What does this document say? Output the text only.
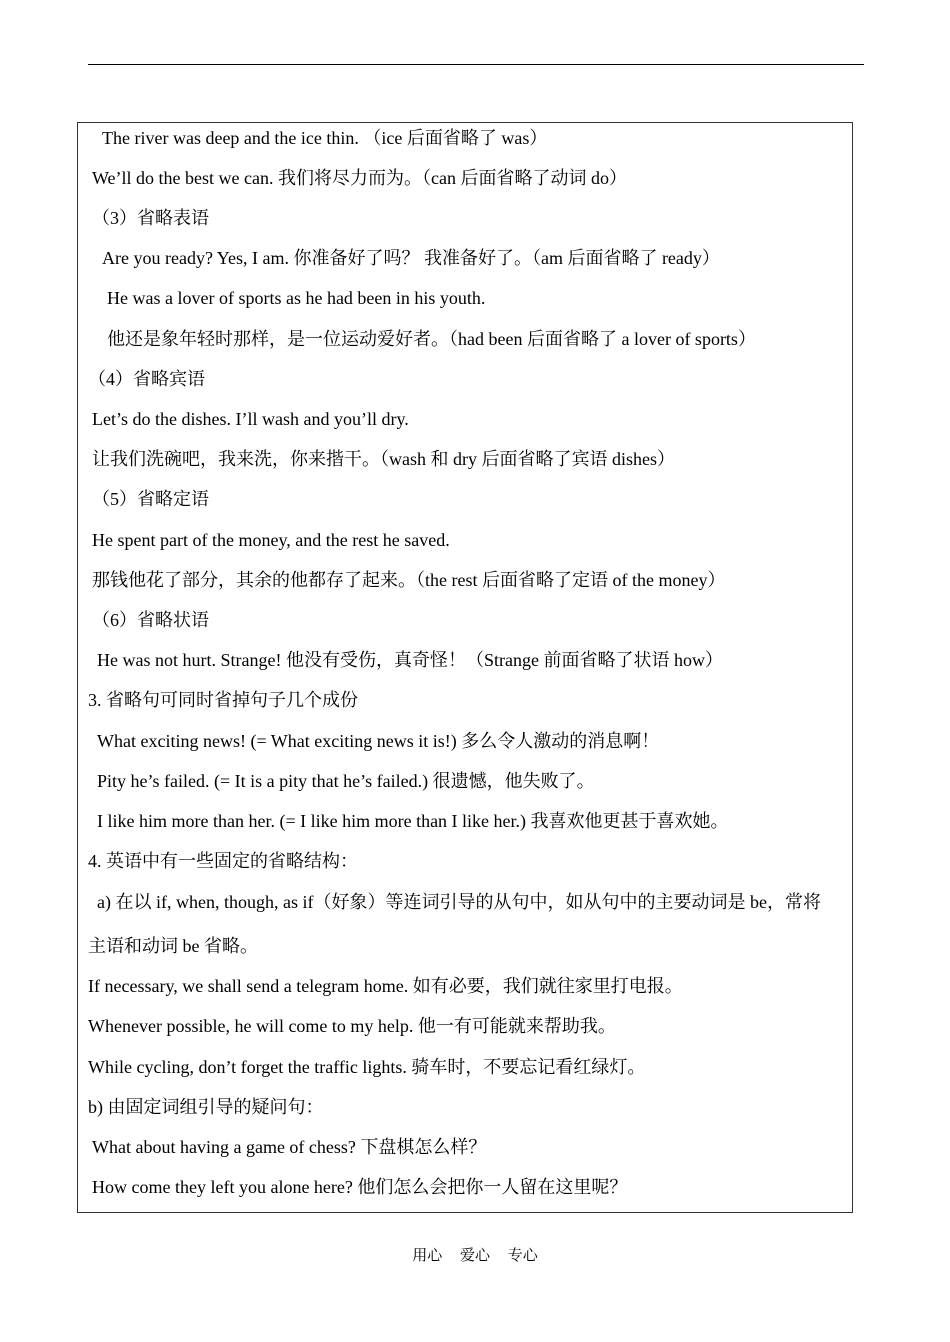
The river was deep and the ice thin. （ice 后面省略了 was）
We’ll do the best we can. 我们将尽力而为。（can 后面省略了动词 do）
（3）省略表语
Are you ready? Yes, I am. 你准备好了吗？ 我准备好了。（am 后面省略了 ready）
He was a lover of sports as he had been in his youth.
他还是象年轻时那样，是一位运动爱好者。（had been 后面省略了 a lover of sports）
（4）省略宾语
Let’s do the dishes. I’ll wash and you’ll dry.
让我们洗碗吧，我来洗，你来揩干。（wash 和 dry 后面省略了宾语 dishes）
（5）省略定语
He spent part of the money, and the rest he saved.
那钱他花了部分，其余的他都存了起来。（the rest 后面省略了定语 of the money）
（6）省略状语
He was not hurt. Strange! 他没有受伤，真奇怪！（Strange 前面省略了状语 how）
3. 省略句可同时省掉句子几个成份
What exciting news! (= What exciting news it is!) 多么令人激动的消息啊！
Pity he’s failed. (= It is a pity that he’s failed.) 很遗憾，他失败了。
I like him more than her. (= I like him more than I like her.) 我喜欢他更甚于喜欢她。
4. 英语中有一些固定的省略结构：
a) 在以 if, when, though, as if（好象）等连词引导的从句中，如从句中的主要动词是 be，常将
主语和动词 be 省略。
If necessary, we shall send a telegram home. 如有必要，我们就往家里打电报。
Whenever possible, he will come to my help. 他一有可能就来帮助我。
While cycling, don’t forget the traffic lights. 骑车时，不要忘记看红绿灯。
b) 由固定词组引导的疑问句：
What about having a game of chess? 下盘棋怎么样？
How come they left you alone here? 他们怎么会把你一人留在这里呢？
用心 爱心 专心
